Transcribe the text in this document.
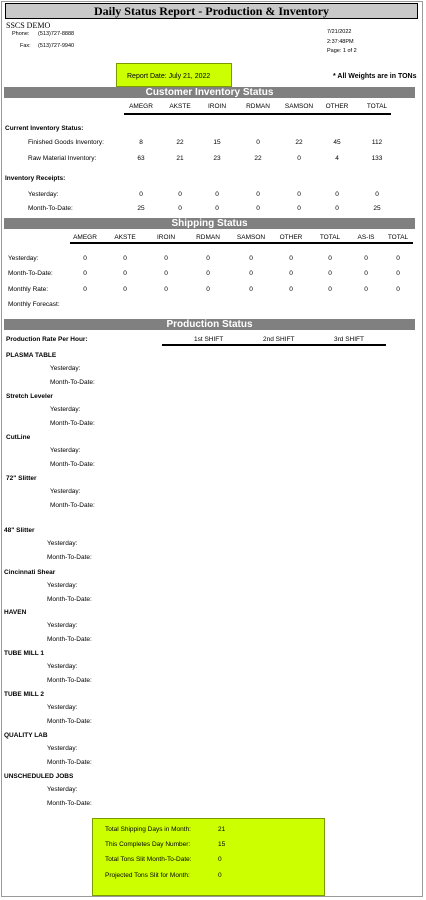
Daily Status Report - Production & Inventory
SSCS DEMO
Phone: (513)727-8888
Fax: (513)727-9940
7/21/2022
2:37:48PM
Page: 1 of 2
Report Date: July 21, 2022	* All Weights are in TONs
Customer Inventory Status
AMEGR	AKSTE	IROIN	RDMAN	SAMSON	OTHER	TOTAL
Current Inventory Status:
Finished Goods Inventory:	8	22	15	0	22	45	112
Raw Material Inventory:	63	21	23	22	0	4	133
Inventory Receipts:
Yesterday:	0	0	0	0	0	0	0
Month-To-Date:	25	0	0	0	0	0	25
Shipping Status
AMEGR	AKSTE	IROIN	RDMAN	SAMSON	OTHER	TOTAL	AS-IS	TOTAL
Yesterday:	0	0	0	0	0	0	0	0	0
Month-To-Date:	0	0	0	0	0	0	0	0	0
Monthly Rate:	0	0	0	0	0	0	0	0	0
Monthly Forecast:
Production Status
Production Rate Per Hour:	1st SHIFT	2nd SHIFT	3rd SHIFT
PLASMA TABLE
Yesterday:
Month-To-Date:
Stretch Leveler
Yesterday:
Month-To-Date:
CutLine
Yesterday:
Month-To-Date:
72" Slitter
Yesterday:
Month-To-Date:
48" Slitter
Yesterday:
Month-To-Date:
Cincinnati Shear
Yesterday:
Month-To-Date:
HAVEN
Yesterday:
Month-To-Date:
TUBE MILL 1
Yesterday:
Month-To-Date:
TUBE MILL 2
Yesterday:
Month-To-Date:
QUALITY LAB
Yesterday:
Month-To-Date:
UNSCHEDULED JOBS
Yesterday:
Month-To-Date:
Total Shipping Days in Month:	21
This Completes Day Number:	15
Total Tons Slit Month-To-Date:	0
Projected Tons Slit for Month:	0
